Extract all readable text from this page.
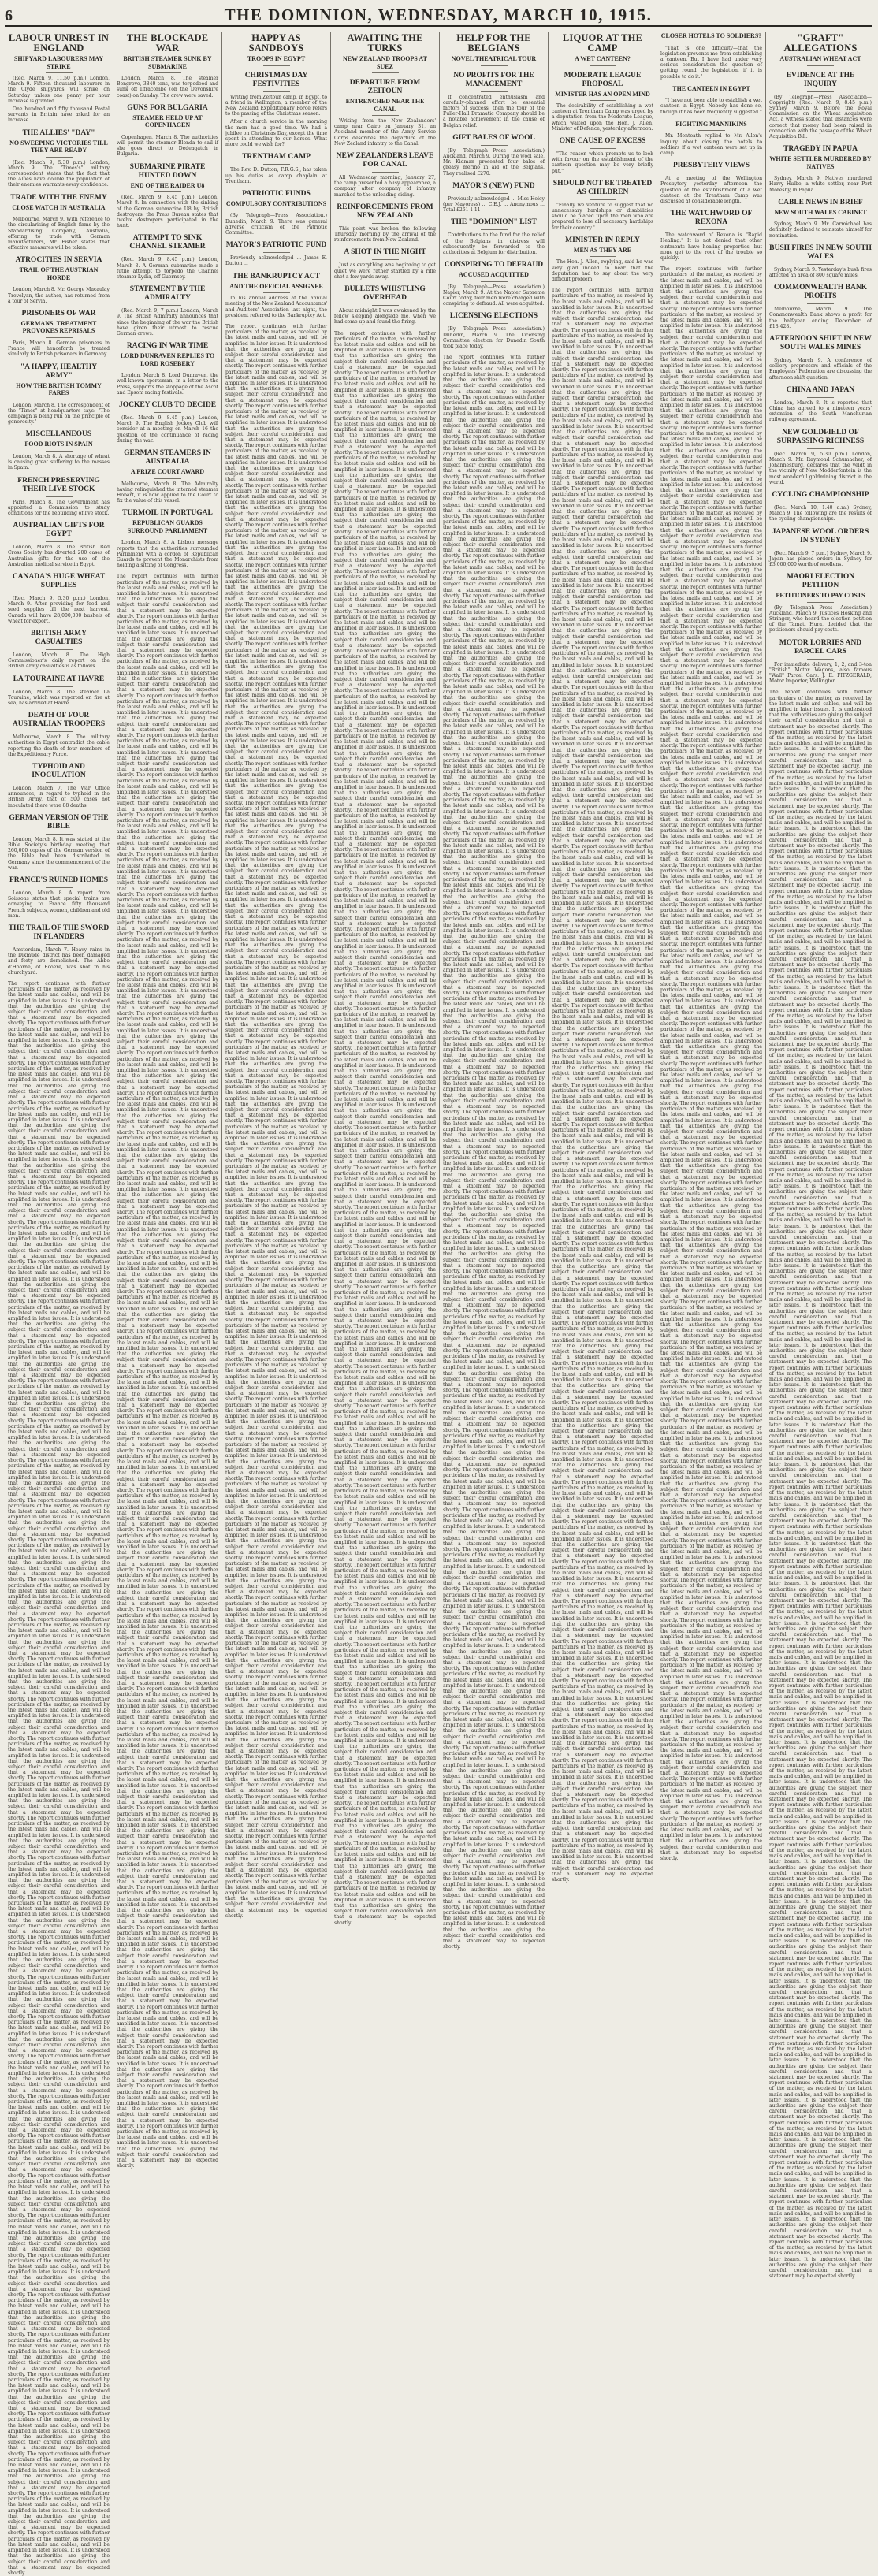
6	THE DOMINION, WEDNESDAY, MARCH 10, 1915.
LABOUR UNREST IN ENGLAND
SHIPYARD LABOURERS MAY STRIKE

(Rec. March 9, 11.50 p.m.) London, March 9. Fifteen thousand labourers in the Clyde shipyards will strike on Saturday unless one penny per hour increase is granted.

One hundred and fifty thousand Postal servants in Britain have asked for an increase.

THE ALLIES' "DAY"
NO SWEEPING VICTORIES TILL THEY ARE READY

(Rec. March 9, 5.30 p.m.) London, March 9. The "Times's" military correspondent states that the fact that the Allies have double the population of their enemies warrants every confidence.

TRADE WITH THE ENEMY
CLOSE WATCH IN AUSTRALIA

Melbourne, March 9. With reference to the circularising of English firms by the Standardising Company, Australia, offering to trade with German manufacturers, Mr. Fisher states that effective measures will be taken.

ATROCITIES IN SERVIA
TRAIL OF THE AUSTRIAN HORDE

London, March 8. Mr. George Macaulay Trevelyan, the author, has returned from a tour of Servia.

PRISONERS OF WAR
GERMANS' TREATMENT PROVOKES REPRISALS

Paris, March 8. German prisoners in France will henceforth be treated similarly to British prisoners in Germany.

"A HAPPY, HEALTHY ARMY"
HOW THE BRITISH TOMMY FARES

London, March 8. The correspondent of the "Times" at headquarters says: "The campaign is being run on the principle of generosity."

MISCELLANEOUS
FOOD RIOTS IN SPAIN

London, March 8. A shortage of wheat is causing great suffering to the masses in Spain.

FRENCH PRESERVING THEIR LIVE STOCK

Paris, March 8. The Government has appointed a Commission to study conditions for the rebuilding of live stock.

AUSTRALIAN GIFTS FOR EGYPT

London, March 8. The British Red Cross Society has diverted 200 cases of Australian gifts for the use of the Australian medical service in Egypt.

CANADA'S HUGE WHEAT SUPPLIES

(Rec. March 9, 5.30 p.m.) London, March 9. After providing for food and seed supplies till the next harvest, Canada will have 28,000,000 bushels of wheat for export.

BRITISH ARMY CASUALTIES

London, March 8. The High Commissioner's daily report on the British Army casualties is as follows.

LA TOURAINE AT HAVRE

London, March 8. The steamer La Touraine, which was reported on fire at sea, has arrived at Havre.

DEATH OF FOUR AUSTRALIAN TROOPERS

Melbourne, March 8. The military authorities in Egypt contradict the cable reporting the death of four members of the Expeditionary Force.

TYPHOID AND INOCULATION

London, March 7. The War Office announces, in regard to typhoid in the British Army, that of 500 cases not inoculated there were 88 deaths.

GERMAN VERSION OF THE BIBLE

London, March 8. It was stated at the Bible Society's birthday meeting that 260,000 copies of the German version of the Bible had been distributed in Germany since the commencement of the war.

FRANCE'S RUINED HOMES

London, March 8. A report from Soissons states that special trains are conveying to France fifty thousand French subjects, women, children and old men.

THE TRAIL OF THE SWORD IN FLANDERS

Amsterdam, March 7. Heavy rains in the Dixmude district has been damaged and forty are demolished. The Abbe d'Hoorne, of Ecoere, was shot in his churchyard.

The report continues with further particulars of the matter, as received by the latest mails and cables, and will be amplified in later issues. It is understood that the authorities are giving the subject their careful consideration and that a statement may be expected shortly. The report continues with further particulars of the matter, as received by the latest mails and cables, and will be amplified in later issues. It is understood that the authorities are giving the subject their careful consideration and that a statement may be expected shortly. The report continues with further particulars of the matter, as received by the latest mails and cables, and will be amplified in later issues. It is understood that the authorities are giving the subject their careful consideration and that a statement may be expected shortly. The report continues with further particulars of the matter, as received by the latest mails and cables, and will be amplified in later issues. It is understood that the authorities are giving the subject their careful consideration and that a statement may be expected shortly. The report continues with further particulars of the matter, as received by the latest mails and cables, and will be amplified in later issues. It is understood that the authorities are giving the subject their careful consideration and that a statement may be expected shortly. The report continues with further particulars of the matter, as received by the latest mails and cables, and will be amplified in later issues. It is understood that the authorities are giving the subject their careful consideration and that a statement may be expected shortly. The report continues with further particulars of the matter, as received by the latest mails and cables, and will be amplified in later issues. It is understood that the authorities are giving the subject their careful consideration and that a statement may be expected shortly. The report continues with further particulars of the matter, as received by the latest mails and cables, and will be amplified in later issues. It is understood that the authorities are giving the subject their careful consideration and that a statement may be expected shortly. The report continues with further particulars of the matter, as received by the latest mails and cables, and will be amplified in later issues. It is understood that the authorities are giving the subject their careful consideration and that a statement may be expected shortly. The report continues with further particulars of the matter, as received by the latest mails and cables, and will be amplified in later issues. It is understood that the authorities are giving the subject their careful consideration and that a statement may be expected shortly. The report continues with further particulars of the matter, as received by the latest mails and cables, and will be amplified in later issues. It is understood that the authorities are giving the subject their careful consideration and that a statement may be expected shortly. The report continues with further particulars of the matter, as received by the latest mails and cables, and will be amplified in later issues. It is understood that the authorities are giving the subject their careful consideration and that a statement may be expected shortly. The report continues with further particulars of the matter, as received by the latest mails and cables, and will be amplified in later issues. It is understood that the authorities are giving the subject their careful consideration and that a statement may be expected shortly. The report continues with further particulars of the matter, as received by the latest mails and cables, and will be amplified in later issues. It is understood that the authorities are giving the subject their careful consideration and that a statement may be expected shortly. The report continues with further particulars of the matter, as received by the latest mails and cables, and will be amplified in later issues. It is understood that the authorities are giving the subject their careful consideration and that a statement may be expected shortly. The report continues with further particulars of the matter, as received by the latest mails and cables, and will be amplified in later issues. It is understood that the authorities are giving the subject their careful consideration and that a statement may be expected shortly. The report continues with further particulars of the matter, as received by the latest mails and cables, and will be amplified in later issues. It is understood that the authorities are giving the subject their careful consideration and that a statement may be expected shortly. The report continues with further particulars of the matter, as received by the latest mails and cables, and will be amplified in later issues. It is understood that the authorities are giving the subject their careful consideration and that a statement may be expected shortly. The report continues with further particulars of the matter, as received by the latest mails and cables, and will be amplified in later issues. It is understood that the authorities are giving the subject their careful consideration and that a statement may be expected shortly. The report continues with further particulars of the matter, as received by the latest mails and cables, and will be amplified in later issues. It is understood that the authorities are giving the subject their careful consideration and that a statement may be expected shortly. The report continues with further particulars of the matter, as received by the latest mails and cables, and will be amplified in later issues. It is understood that the authorities are giving the subject their careful consideration and that a statement may be expected shortly. The report continues with further particulars of the matter, as received by the latest mails and cables, and will be amplified in later issues. It is understood that the authorities are giving the subject their careful consideration and that a statement may be expected shortly. The report continues with further particulars of the matter, as received by the latest mails and cables, and will be amplified in later issues. It is understood that the authorities are giving the subject their careful consideration and that a statement may be expected shortly. The report continues with further particulars of the matter, as received by the latest mails and cables, and will be amplified in later issues. It is understood that the authorities are giving the subject their careful consideration and that a statement may be expected shortly. The report continues with further particulars of the matter, as received by the latest mails and cables, and will be amplified in later issues. It is understood that the authorities are giving the subject their careful consideration and that a statement may be expected shortly. The report continues with further particulars of the matter, as received by the latest mails and cables, and will be amplified in later issues. It is understood that the authorities are giving the subject their careful consideration and that a statement may be expected shortly. The report continues with further particulars of the matter, as received by the latest mails and cables, and will be amplified in later issues. It is understood that the authorities are giving the subject their careful consideration and that a statement may be expected shortly. The report continues with further particulars of the matter, as received by the latest mails and cables, and will be amplified in later issues. It is understood that the authorities are giving the subject their careful consideration and that a statement may be expected shortly. The report continues with further particulars of the matter, as received by the latest mails and cables, and will be amplified in later issues. It is understood that the authorities are giving the subject their careful consideration and that a statement may be expected shortly. The report continues with further particulars of the matter, as received by the latest mails and cables, and will be amplified in later issues. It is understood that the authorities are giving the subject their careful consideration and that a statement may be expected shortly. The report continues with further particulars of the matter, as received by the latest mails and cables, and will be amplified in later issues. It is understood that the authorities are giving the subject their careful consideration and that a statement may be expected shortly. The report continues with further particulars of the matter, as received by the latest mails and cables, and will be amplified in later issues. It is understood that the authorities are giving the subject their careful consideration and that a statement may be expected shortly. The report continues with further particulars of the matter, as received by the latest mails and cables, and will be amplified in later issues. It is understood that the authorities are giving the subject their careful consideration and that a statement may be expected shortly. The report continues with further particulars of the matter, as received by the latest mails and cables, and will be amplified in later issues. It is understood that the authorities are giving the subject their careful consideration and that a statement may be expected shortly. The report continues with further particulars of the matter, as received by the latest mails and cables, and will be amplified in later issues. It is understood that the authorities are giving the subject their careful consideration and that a statement may be expected shortly. The report continues with further particulars of the matter, as received by the latest mails and cables, and will be amplified in later issues. It is understood that the authorities are giving the subject their careful consideration and that a statement may be expected shortly. The report continues with further particulars of the matter, as received by the latest mails and cables, and will be amplified in later issues. It is understood that the authorities are giving the subject their careful consideration and that a statement may be expected shortly. The report continues with further particulars of the matter, as received by the latest mails and cables, and will be amplified in later issues. It is understood that the authorities are giving the subject their careful consideration and that a statement may be expected shortly. The report continues with further particulars of the matter, as received by the latest mails and cables, and will be amplified in later issues. It is understood that the authorities are giving the subject their careful consideration and that a statement may be expected shortly. The report continues with further particulars of the matter, as received by the latest mails and cables, and will be amplified in later issues. It is understood that the authorities are giving the subject their careful consideration and that a statement may be expected shortly.
THE BLOCKADE WAR
BRITISH STEAMER SUNK BY SUBMARINE

London, March 8. The steamer Bengrove, 3840 tons, was torpedoed and sunk off Ilfracombe (on the Devonshire coast) on Sunday. The crew were saved.

GUNS FOR BULGARIA
STEAMER HELD UP AT COPENHAGEN

Copenhagen, March 8. The authorities will permit the steamer Blenda to sail if she goes direct to Dedeagatch in Bulgaria.

SUBMARINE PIRATE HUNTED DOWN
END OF THE RAIDER U8

(Rec. March 9, 8.45 p.m.) London, March 8. In connection with the sinking of the German submarine U8 by British destroyers, the Press Bureau states that twelve destroyers participated in the hunt.

ATTEMPT TO SINK CHANNEL STEAMER

(Rec. March 9, 8.45 p.m.) London, March 8. A German submarine made a futile attempt to torpedo the Channel steamer Lydia, off Guernsey.

STATEMENT BY THE ADMIRALTY

(Rec. March 9, 7 p.m.) London, March 9. The British Admiralty announces that since the beginning of the war the British have given their utmost to rescue German crews.

RACING IN WAR TIME
LORD DUNRAVEN REPLIES TO LORD ROSEBERY

London, March 8. Lord Dunraven, the well-known sportsman, in a letter to the Press, supports the stoppage of the Ascot and Epsom racing festivals.

JOCKEY CLUB TO DECIDE

(Rec. March 9, 8.45 p.m.) London, March 9. The English Jockey Club will consider at a meeting on March 16 the question of the continuance of racing during the war.

GERMAN STEAMERS IN AUSTRALIA
A PRIZE COURT AWARD

Melbourne, March 8. The Admiralty having relinquished the interned steamer Hobart, it is now applied to the Court to fix the value of this vessel.

TURMOIL IN PORTUGAL
REPUBLICAN GUARDS SURROUND PARLIAMENT

London, March 8. A Lisbon message reports that the authorities surrounded Parliament with a cordon of Republican Guards to prevent the Monarchists from holding a sitting of Congress.

The report continues with further particulars of the matter, as received by the latest mails and cables, and will be amplified in later issues. It is understood that the authorities are giving the subject their careful consideration and that a statement may be expected shortly. The report continues with further particulars of the matter, as received by the latest mails and cables, and will be amplified in later issues. It is understood that the authorities are giving the subject their careful consideration and that a statement may be expected shortly. The report continues with further particulars of the matter, as received by the latest mails and cables, and will be amplified in later issues. It is understood that the authorities are giving the subject their careful consideration and that a statement may be expected shortly. The report continues with further particulars of the matter, as received by the latest mails and cables, and will be amplified in later issues. It is understood that the authorities are giving the subject their careful consideration and that a statement may be expected shortly. The report continues with further particulars of the matter, as received by the latest mails and cables, and will be amplified in later issues. It is understood that the authorities are giving the subject their careful consideration and that a statement may be expected shortly. The report continues with further particulars of the matter, as received by the latest mails and cables, and will be amplified in later issues. It is understood that the authorities are giving the subject their careful consideration and that a statement may be expected shortly. The report continues with further particulars of the matter, as received by the latest mails and cables, and will be amplified in later issues. It is understood that the authorities are giving the subject their careful consideration and that a statement may be expected shortly. The report continues with further particulars of the matter, as received by the latest mails and cables, and will be amplified in later issues. It is understood that the authorities are giving the subject their careful consideration and that a statement may be expected shortly. The report continues with further particulars of the matter, as received by the latest mails and cables, and will be amplified in later issues. It is understood that the authorities are giving the subject their careful consideration and that a statement may be expected shortly. The report continues with further particulars of the matter, as received by the latest mails and cables, and will be amplified in later issues. It is understood that the authorities are giving the subject their careful consideration and that a statement may be expected shortly. The report continues with further particulars of the matter, as received by the latest mails and cables, and will be amplified in later issues. It is understood that the authorities are giving the subject their careful consideration and that a statement may be expected shortly. The report continues with further particulars of the matter, as received by the latest mails and cables, and will be amplified in later issues. It is understood that the authorities are giving the subject their careful consideration and that a statement may be expected shortly. The report continues with further particulars of the matter, as received by the latest mails and cables, and will be amplified in later issues. It is understood that the authorities are giving the subject their careful consideration and that a statement may be expected shortly. The report continues with further particulars of the matter, as received by the latest mails and cables, and will be amplified in later issues. It is understood that the authorities are giving the subject their careful consideration and that a statement may be expected shortly. The report continues with further particulars of the matter, as received by the latest mails and cables, and will be amplified in later issues. It is understood that the authorities are giving the subject their careful consideration and that a statement may be expected shortly. The report continues with further particulars of the matter, as received by the latest mails and cables, and will be amplified in later issues. It is understood that the authorities are giving the subject their careful consideration and that a statement may be expected shortly. The report continues with further particulars of the matter, as received by the latest mails and cables, and will be amplified in later issues. It is understood that the authorities are giving the subject their careful consideration and that a statement may be expected shortly. The report continues with further particulars of the matter, as received by the latest mails and cables, and will be amplified in later issues. It is understood that the authorities are giving the subject their careful consideration and that a statement may be expected shortly. The report continues with further particulars of the matter, as received by the latest mails and cables, and will be amplified in later issues. It is understood that the authorities are giving the subject their careful consideration and that a statement may be expected shortly. The report continues with further particulars of the matter, as received by the latest mails and cables, and will be amplified in later issues. It is understood that the authorities are giving the subject their careful consideration and that a statement may be expected shortly. The report continues with further particulars of the matter, as received by the latest mails and cables, and will be amplified in later issues. It is understood that the authorities are giving the subject their careful consideration and that a statement may be expected shortly. The report continues with further particulars of the matter, as received by the latest mails and cables, and will be amplified in later issues. It is understood that the authorities are giving the subject their careful consideration and that a statement may be expected shortly. The report continues with further particulars of the matter, as received by the latest mails and cables, and will be amplified in later issues. It is understood that the authorities are giving the subject their careful consideration and that a statement may be expected shortly. The report continues with further particulars of the matter, as received by the latest mails and cables, and will be amplified in later issues. It is understood that the authorities are giving the subject their careful consideration and that a statement may be expected shortly. The report continues with further particulars of the matter, as received by the latest mails and cables, and will be amplified in later issues. It is understood that the authorities are giving the subject their careful consideration and that a statement may be expected shortly. The report continues with further particulars of the matter, as received by the latest mails and cables, and will be amplified in later issues. It is understood that the authorities are giving the subject their careful consideration and that a statement may be expected shortly. The report continues with further particulars of the matter, as received by the latest mails and cables, and will be amplified in later issues. It is understood that the authorities are giving the subject their careful consideration and that a statement may be expected shortly. The report continues with further particulars of the matter, as received by the latest mails and cables, and will be amplified in later issues. It is understood that the authorities are giving the subject their careful consideration and that a statement may be expected shortly. The report continues with further particulars of the matter, as received by the latest mails and cables, and will be amplified in later issues. It is understood that the authorities are giving the subject their careful consideration and that a statement may be expected shortly. The report continues with further particulars of the matter, as received by the latest mails and cables, and will be amplified in later issues. It is understood that the authorities are giving the subject their careful consideration and that a statement may be expected shortly. The report continues with further particulars of the matter, as received by the latest mails and cables, and will be amplified in later issues. It is understood that the authorities are giving the subject their careful consideration and that a statement may be expected shortly. The report continues with further particulars of the matter, as received by the latest mails and cables, and will be amplified in later issues. It is understood that the authorities are giving the subject their careful consideration and that a statement may be expected shortly. The report continues with further particulars of the matter, as received by the latest mails and cables, and will be amplified in later issues. It is understood that the authorities are giving the subject their careful consideration and that a statement may be expected shortly. The report continues with further particulars of the matter, as received by the latest mails and cables, and will be amplified in later issues. It is understood that the authorities are giving the subject their careful consideration and that a statement may be expected shortly. The report continues with further particulars of the matter, as received by the latest mails and cables, and will be amplified in later issues. It is understood that the authorities are giving the subject their careful consideration and that a statement may be expected shortly. The report continues with further particulars of the matter, as received by the latest mails and cables, and will be amplified in later issues. It is understood that the authorities are giving the subject their careful consideration and that a statement may be expected shortly. The report continues with further particulars of the matter, as received by the latest mails and cables, and will be amplified in later issues. It is understood that the authorities are giving the subject their careful consideration and that a statement may be expected shortly. The report continues with further particulars of the matter, as received by the latest mails and cables, and will be amplified in later issues. It is understood that the authorities are giving the subject their careful consideration and that a statement may be expected shortly. The report continues with further particulars of the matter, as received by the latest mails and cables, and will be amplified in later issues. It is understood that the authorities are giving the subject their careful consideration and that a statement may be expected shortly. The report continues with further particulars of the matter, as received by the latest mails and cables, and will be amplified in later issues. It is understood that the authorities are giving the subject their careful consideration and that a statement may be expected shortly.
HAPPY AS SANDBOYS
TROOPS IN EGYPT
CHRISTMAS DAY FESTIVITIES

Writing from Zeitoun camp, in Egypt, to a friend in Wellington, a member of the New Zealand Expeditionary Force refers to the passing of the Christmas season.

After a church service in the morning the men had a good time. We had a jubilee on Christmas Day, except the time spent in attending to our horses. What more could we wish for?

TRENTHAM CAMP

The Rev. D. Dutton, F.R.G.S., has taken up his duties as camp chaplain at Trentham.

PATRIOTIC FUNDS
COMPULSORY CONTRIBUTIONS

(By Telegraph—Press Association.) Dunedin, March 9. There was general adverse criticism of the Patriotic Committee.

MAYOR'S PATRIOTIC FUND

Previously acknowledged ... James E. Dutton ...

THE BANKRUPTCY ACT
AND THE OFFICIAL ASSIGNEE

In his annual address at the annual meeting of the New Zealand Accountants' and Auditors' Association last night, the president referred to the Bankruptcy Act.

The report continues with further particulars of the matter, as received by the latest mails and cables, and will be amplified in later issues. It is understood that the authorities are giving the subject their careful consideration and that a statement may be expected shortly. The report continues with further particulars of the matter, as received by the latest mails and cables, and will be amplified in later issues. It is understood that the authorities are giving the subject their careful consideration and that a statement may be expected shortly. The report continues with further particulars of the matter, as received by the latest mails and cables, and will be amplified in later issues. It is understood that the authorities are giving the subject their careful consideration and that a statement may be expected shortly. The report continues with further particulars of the matter, as received by the latest mails and cables, and will be amplified in later issues. It is understood that the authorities are giving the subject their careful consideration and that a statement may be expected shortly. The report continues with further particulars of the matter, as received by the latest mails and cables, and will be amplified in later issues. It is understood that the authorities are giving the subject their careful consideration and that a statement may be expected shortly. The report continues with further particulars of the matter, as received by the latest mails and cables, and will be amplified in later issues. It is understood that the authorities are giving the subject their careful consideration and that a statement may be expected shortly. The report continues with further particulars of the matter, as received by the latest mails and cables, and will be amplified in later issues. It is understood that the authorities are giving the subject their careful consideration and that a statement may be expected shortly. The report continues with further particulars of the matter, as received by the latest mails and cables, and will be amplified in later issues. It is understood that the authorities are giving the subject their careful consideration and that a statement may be expected shortly. The report continues with further particulars of the matter, as received by the latest mails and cables, and will be amplified in later issues. It is understood that the authorities are giving the subject their careful consideration and that a statement may be expected shortly. The report continues with further particulars of the matter, as received by the latest mails and cables, and will be amplified in later issues. It is understood that the authorities are giving the subject their careful consideration and that a statement may be expected shortly. The report continues with further particulars of the matter, as received by the latest mails and cables, and will be amplified in later issues. It is understood that the authorities are giving the subject their careful consideration and that a statement may be expected shortly. The report continues with further particulars of the matter, as received by the latest mails and cables, and will be amplified in later issues. It is understood that the authorities are giving the subject their careful consideration and that a statement may be expected shortly. The report continues with further particulars of the matter, as received by the latest mails and cables, and will be amplified in later issues. It is understood that the authorities are giving the subject their careful consideration and that a statement may be expected shortly. The report continues with further particulars of the matter, as received by the latest mails and cables, and will be amplified in later issues. It is understood that the authorities are giving the subject their careful consideration and that a statement may be expected shortly. The report continues with further particulars of the matter, as received by the latest mails and cables, and will be amplified in later issues. It is understood that the authorities are giving the subject their careful consideration and that a statement may be expected shortly. The report continues with further particulars of the matter, as received by the latest mails and cables, and will be amplified in later issues. It is understood that the authorities are giving the subject their careful consideration and that a statement may be expected shortly. The report continues with further particulars of the matter, as received by the latest mails and cables, and will be amplified in later issues. It is understood that the authorities are giving the subject their careful consideration and that a statement may be expected shortly. The report continues with further particulars of the matter, as received by the latest mails and cables, and will be amplified in later issues. It is understood that the authorities are giving the subject their careful consideration and that a statement may be expected shortly. The report continues with further particulars of the matter, as received by the latest mails and cables, and will be amplified in later issues. It is understood that the authorities are giving the subject their careful consideration and that a statement may be expected shortly. The report continues with further particulars of the matter, as received by the latest mails and cables, and will be amplified in later issues. It is understood that the authorities are giving the subject their careful consideration and that a statement may be expected shortly. The report continues with further particulars of the matter, as received by the latest mails and cables, and will be amplified in later issues. It is understood that the authorities are giving the subject their careful consideration and that a statement may be expected shortly. The report continues with further particulars of the matter, as received by the latest mails and cables, and will be amplified in later issues. It is understood that the authorities are giving the subject their careful consideration and that a statement may be expected shortly. The report continues with further particulars of the matter, as received by the latest mails and cables, and will be amplified in later issues. It is understood that the authorities are giving the subject their careful consideration and that a statement may be expected shortly. The report continues with further particulars of the matter, as received by the latest mails and cables, and will be amplified in later issues. It is understood that the authorities are giving the subject their careful consideration and that a statement may be expected shortly. The report continues with further particulars of the matter, as received by the latest mails and cables, and will be amplified in later issues. It is understood that the authorities are giving the subject their careful consideration and that a statement may be expected shortly. The report continues with further particulars of the matter, as received by the latest mails and cables, and will be amplified in later issues. It is understood that the authorities are giving the subject their careful consideration and that a statement may be expected shortly. The report continues with further particulars of the matter, as received by the latest mails and cables, and will be amplified in later issues. It is understood that the authorities are giving the subject their careful consideration and that a statement may be expected shortly. The report continues with further particulars of the matter, as received by the latest mails and cables, and will be amplified in later issues. It is understood that the authorities are giving the subject their careful consideration and that a statement may be expected shortly. The report continues with further particulars of the matter, as received by the latest mails and cables, and will be amplified in later issues. It is understood that the authorities are giving the subject their careful consideration and that a statement may be expected shortly. The report continues with further particulars of the matter, as received by the latest mails and cables, and will be amplified in later issues. It is understood that the authorities are giving the subject their careful consideration and that a statement may be expected shortly. The report continues with further particulars of the matter, as received by the latest mails and cables, and will be amplified in later issues. It is understood that the authorities are giving the subject their careful consideration and that a statement may be expected shortly. The report continues with further particulars of the matter, as received by the latest mails and cables, and will be amplified in later issues. It is understood that the authorities are giving the subject their careful consideration and that a statement may be expected shortly. The report continues with further particulars of the matter, as received by the latest mails and cables, and will be amplified in later issues. It is understood that the authorities are giving the subject their careful consideration and that a statement may be expected shortly. The report continues with further particulars of the matter, as received by the latest mails and cables, and will be amplified in later issues. It is understood that the authorities are giving the subject their careful consideration and that a statement may be expected shortly. The report continues with further particulars of the matter, as received by the latest mails and cables, and will be amplified in later issues. It is understood that the authorities are giving the subject their careful consideration and that a statement may be expected shortly. The report continues with further particulars of the matter, as received by the latest mails and cables, and will be amplified in later issues. It is understood that the authorities are giving the subject their careful consideration and that a statement may be expected shortly. The report continues with further particulars of the matter, as received by the latest mails and cables, and will be amplified in later issues. It is understood that the authorities are giving the subject their careful consideration and that a statement may be expected shortly. The report continues with further particulars of the matter, as received by the latest mails and cables, and will be amplified in later issues. It is understood that the authorities are giving the subject their careful consideration and that a statement may be expected shortly. The report continues with further particulars of the matter, as received by the latest mails and cables, and will be amplified in later issues. It is understood that the authorities are giving the subject their careful consideration and that a statement may be expected shortly. The report continues with further particulars of the matter, as received by the latest mails and cables, and will be amplified in later issues. It is understood that the authorities are giving the subject their careful consideration and that a statement may be expected shortly.
AWAITING THE TURKS
NEW ZEALAND TROOPS AT SUEZ
DEPARTURE FROM ZEITOUN
ENTRENCHED NEAR THE CANAL

Writing from the New Zealanders' camp near Cairo on January 31, an Auckland member of the Army Service Corps describes the departure of the New Zealand infantry to the Canal.

NEW ZEALANDERS LEAVE FOR CANAL

All Wednesday morning, January 27, the camp presented a busy appearance, a company after company of infantry marched to the unloading siding.

REINFORCEMENTS FROM NEW ZEALAND

This point was broken the following Thursday morning by the arrival of the reinforcements from New Zealand.

A SHOT IN THE NIGHT

Just as everything was beginning to get quiet we were rather startled by a rifle shot a few yards away.

BULLETS WHISTLING OVERHEAD

About midnight I was awakened by the fellow sleeping alongside me, when we had come up and found the firing.

The report continues with further particulars of the matter, as received by the latest mails and cables, and will be amplified in later issues. It is understood that the authorities are giving the subject their careful consideration and that a statement may be expected shortly. The report continues with further particulars of the matter, as received by the latest mails and cables, and will be amplified in later issues. It is understood that the authorities are giving the subject their careful consideration and that a statement may be expected shortly. The report continues with further particulars of the matter, as received by the latest mails and cables, and will be amplified in later issues. It is understood that the authorities are giving the subject their careful consideration and that a statement may be expected shortly. The report continues with further particulars of the matter, as received by the latest mails and cables, and will be amplified in later issues. It is understood that the authorities are giving the subject their careful consideration and that a statement may be expected shortly. The report continues with further particulars of the matter, as received by the latest mails and cables, and will be amplified in later issues. It is understood that the authorities are giving the subject their careful consideration and that a statement may be expected shortly. The report continues with further particulars of the matter, as received by the latest mails and cables, and will be amplified in later issues. It is understood that the authorities are giving the subject their careful consideration and that a statement may be expected shortly. The report continues with further particulars of the matter, as received by the latest mails and cables, and will be amplified in later issues. It is understood that the authorities are giving the subject their careful consideration and that a statement may be expected shortly. The report continues with further particulars of the matter, as received by the latest mails and cables, and will be amplified in later issues. It is understood that the authorities are giving the subject their careful consideration and that a statement may be expected shortly. The report continues with further particulars of the matter, as received by the latest mails and cables, and will be amplified in later issues. It is understood that the authorities are giving the subject their careful consideration and that a statement may be expected shortly. The report continues with further particulars of the matter, as received by the latest mails and cables, and will be amplified in later issues. It is understood that the authorities are giving the subject their careful consideration and that a statement may be expected shortly. The report continues with further particulars of the matter, as received by the latest mails and cables, and will be amplified in later issues. It is understood that the authorities are giving the subject their careful consideration and that a statement may be expected shortly. The report continues with further particulars of the matter, as received by the latest mails and cables, and will be amplified in later issues. It is understood that the authorities are giving the subject their careful consideration and that a statement may be expected shortly. The report continues with further particulars of the matter, as received by the latest mails and cables, and will be amplified in later issues. It is understood that the authorities are giving the subject their careful consideration and that a statement may be expected shortly. The report continues with further particulars of the matter, as received by the latest mails and cables, and will be amplified in later issues. It is understood that the authorities are giving the subject their careful consideration and that a statement may be expected shortly. The report continues with further particulars of the matter, as received by the latest mails and cables, and will be amplified in later issues. It is understood that the authorities are giving the subject their careful consideration and that a statement may be expected shortly. The report continues with further particulars of the matter, as received by the latest mails and cables, and will be amplified in later issues. It is understood that the authorities are giving the subject their careful consideration and that a statement may be expected shortly. The report continues with further particulars of the matter, as received by the latest mails and cables, and will be amplified in later issues. It is understood that the authorities are giving the subject their careful consideration and that a statement may be expected shortly. The report continues with further particulars of the matter, as received by the latest mails and cables, and will be amplified in later issues. It is understood that the authorities are giving the subject their careful consideration and that a statement may be expected shortly. The report continues with further particulars of the matter, as received by the latest mails and cables, and will be amplified in later issues. It is understood that the authorities are giving the subject their careful consideration and that a statement may be expected shortly. The report continues with further particulars of the matter, as received by the latest mails and cables, and will be amplified in later issues. It is understood that the authorities are giving the subject their careful consideration and that a statement may be expected shortly. The report continues with further particulars of the matter, as received by the latest mails and cables, and will be amplified in later issues. It is understood that the authorities are giving the subject their careful consideration and that a statement may be expected shortly. The report continues with further particulars of the matter, as received by the latest mails and cables, and will be amplified in later issues. It is understood that the authorities are giving the subject their careful consideration and that a statement may be expected shortly. The report continues with further particulars of the matter, as received by the latest mails and cables, and will be amplified in later issues. It is understood that the authorities are giving the subject their careful consideration and that a statement may be expected shortly. The report continues with further particulars of the matter, as received by the latest mails and cables, and will be amplified in later issues. It is understood that the authorities are giving the subject their careful consideration and that a statement may be expected shortly. The report continues with further particulars of the matter, as received by the latest mails and cables, and will be amplified in later issues. It is understood that the authorities are giving the subject their careful consideration and that a statement may be expected shortly. The report continues with further particulars of the matter, as received by the latest mails and cables, and will be amplified in later issues. It is understood that the authorities are giving the subject their careful consideration and that a statement may be expected shortly. The report continues with further particulars of the matter, as received by the latest mails and cables, and will be amplified in later issues. It is understood that the authorities are giving the subject their careful consideration and that a statement may be expected shortly. The report continues with further particulars of the matter, as received by the latest mails and cables, and will be amplified in later issues. It is understood that the authorities are giving the subject their careful consideration and that a statement may be expected shortly. The report continues with further particulars of the matter, as received by the latest mails and cables, and will be amplified in later issues. It is understood that the authorities are giving the subject their careful consideration and that a statement may be expected shortly. The report continues with further particulars of the matter, as received by the latest mails and cables, and will be amplified in later issues. It is understood that the authorities are giving the subject their careful consideration and that a statement may be expected shortly. The report continues with further particulars of the matter, as received by the latest mails and cables, and will be amplified in later issues. It is understood that the authorities are giving the subject their careful consideration and that a statement may be expected shortly. The report continues with further particulars of the matter, as received by the latest mails and cables, and will be amplified in later issues. It is understood that the authorities are giving the subject their careful consideration and that a statement may be expected shortly. The report continues with further particulars of the matter, as received by the latest mails and cables, and will be amplified in later issues. It is understood that the authorities are giving the subject their careful consideration and that a statement may be expected shortly. The report continues with further particulars of the matter, as received by the latest mails and cables, and will be amplified in later issues. It is understood that the authorities are giving the subject their careful consideration and that a statement may be expected shortly. The report continues with further particulars of the matter, as received by the latest mails and cables, and will be amplified in later issues. It is understood that the authorities are giving the subject their careful consideration and that a statement may be expected shortly. The report continues with further particulars of the matter, as received by the latest mails and cables, and will be amplified in later issues. It is understood that the authorities are giving the subject their careful consideration and that a statement may be expected shortly. The report continues with further particulars of the matter, as received by the latest mails and cables, and will be amplified in later issues. It is understood that the authorities are giving the subject their careful consideration and that a statement may be expected shortly. The report continues with further particulars of the matter, as received by the latest mails and cables, and will be amplified in later issues. It is understood that the authorities are giving the subject their careful consideration and that a statement may be expected shortly. The report continues with further particulars of the matter, as received by the latest mails and cables, and will be amplified in later issues. It is understood that the authorities are giving the subject their careful consideration and that a statement may be expected shortly. The report continues with further particulars of the matter, as received by the latest mails and cables, and will be amplified in later issues. It is understood that the authorities are giving the subject their careful consideration and that a statement may be expected shortly.
HELP FOR THE BELGIANS
NOVEL THEATRICAL TOUR
NO PROFITS FOR THE MANAGEMENT

If concentrated enthusiasm and carefully-planned effort be essential factors of success, then the tour of the Fuller-Hall Dramatic Company should be a notable achievement in the cause of Belgian relief.

GIFT BALES OF WOOL

(By Telegraph—Press Association.) Auckland, March 9. During the wool sale, Mr. Kidman presented four bales of greasy merino in aid of the Belgians. They realised £270.

MAYOR'S (NEW) FUND

Previously acknowledged ... Miss Heley (per Mayoress) ... C.E.J. ... Anonymous ... Total £261 1 11

THE "DOMINION" LIST

Contributions to the fund for the relief of the Belgians in distress will subsequently be forwarded to the authorities at Belgium for distribution.

CONSPIRING TO DEFRAUD
ACCUSED ACQUITTED

(By Telegraph—Press Association.) Napier, March 9. At the Napier Supreme Court today, four men were charged with conspiring to defraud. All were acquitted.

LICENSING ELECTIONS

(By Telegraph—Press Association.) Dunedin, March 9. The Licensing Committee election for Dunedin South took place today.

The report continues with further particulars of the matter, as received by the latest mails and cables, and will be amplified in later issues. It is understood that the authorities are giving the subject their careful consideration and that a statement may be expected shortly. The report continues with further particulars of the matter, as received by the latest mails and cables, and will be amplified in later issues. It is understood that the authorities are giving the subject their careful consideration and that a statement may be expected shortly. The report continues with further particulars of the matter, as received by the latest mails and cables, and will be amplified in later issues. It is understood that the authorities are giving the subject their careful consideration and that a statement may be expected shortly. The report continues with further particulars of the matter, as received by the latest mails and cables, and will be amplified in later issues. It is understood that the authorities are giving the subject their careful consideration and that a statement may be expected shortly. The report continues with further particulars of the matter, as received by the latest mails and cables, and will be amplified in later issues. It is understood that the authorities are giving the subject their careful consideration and that a statement may be expected shortly. The report continues with further particulars of the matter, as received by the latest mails and cables, and will be amplified in later issues. It is understood that the authorities are giving the subject their careful consideration and that a statement may be expected shortly. The report continues with further particulars of the matter, as received by the latest mails and cables, and will be amplified in later issues. It is understood that the authorities are giving the subject their careful consideration and that a statement may be expected shortly. The report continues with further particulars of the matter, as received by the latest mails and cables, and will be amplified in later issues. It is understood that the authorities are giving the subject their careful consideration and that a statement may be expected shortly. The report continues with further particulars of the matter, as received by the latest mails and cables, and will be amplified in later issues. It is understood that the authorities are giving the subject their careful consideration and that a statement may be expected shortly. The report continues with further particulars of the matter, as received by the latest mails and cables, and will be amplified in later issues. It is understood that the authorities are giving the subject their careful consideration and that a statement may be expected shortly. The report continues with further particulars of the matter, as received by the latest mails and cables, and will be amplified in later issues. It is understood that the authorities are giving the subject their careful consideration and that a statement may be expected shortly. The report continues with further particulars of the matter, as received by the latest mails and cables, and will be amplified in later issues. It is understood that the authorities are giving the subject their careful consideration and that a statement may be expected shortly. The report continues with further particulars of the matter, as received by the latest mails and cables, and will be amplified in later issues. It is understood that the authorities are giving the subject their careful consideration and that a statement may be expected shortly. The report continues with further particulars of the matter, as received by the latest mails and cables, and will be amplified in later issues. It is understood that the authorities are giving the subject their careful consideration and that a statement may be expected shortly. The report continues with further particulars of the matter, as received by the latest mails and cables, and will be amplified in later issues. It is understood that the authorities are giving the subject their careful consideration and that a statement may be expected shortly. The report continues with further particulars of the matter, as received by the latest mails and cables, and will be amplified in later issues. It is understood that the authorities are giving the subject their careful consideration and that a statement may be expected shortly. The report continues with further particulars of the matter, as received by the latest mails and cables, and will be amplified in later issues. It is understood that the authorities are giving the subject their careful consideration and that a statement may be expected shortly. The report continues with further particulars of the matter, as received by the latest mails and cables, and will be amplified in later issues. It is understood that the authorities are giving the subject their careful consideration and that a statement may be expected shortly. The report continues with further particulars of the matter, as received by the latest mails and cables, and will be amplified in later issues. It is understood that the authorities are giving the subject their careful consideration and that a statement may be expected shortly. The report continues with further particulars of the matter, as received by the latest mails and cables, and will be amplified in later issues. It is understood that the authorities are giving the subject their careful consideration and that a statement may be expected shortly. The report continues with further particulars of the matter, as received by the latest mails and cables, and will be amplified in later issues. It is understood that the authorities are giving the subject their careful consideration and that a statement may be expected shortly. The report continues with further particulars of the matter, as received by the latest mails and cables, and will be amplified in later issues. It is understood that the authorities are giving the subject their careful consideration and that a statement may be expected shortly. The report continues with further particulars of the matter, as received by the latest mails and cables, and will be amplified in later issues. It is understood that the authorities are giving the subject their careful consideration and that a statement may be expected shortly. The report continues with further particulars of the matter, as received by the latest mails and cables, and will be amplified in later issues. It is understood that the authorities are giving the subject their careful consideration and that a statement may be expected shortly. The report continues with further particulars of the matter, as received by the latest mails and cables, and will be amplified in later issues. It is understood that the authorities are giving the subject their careful consideration and that a statement may be expected shortly. The report continues with further particulars of the matter, as received by the latest mails and cables, and will be amplified in later issues. It is understood that the authorities are giving the subject their careful consideration and that a statement may be expected shortly. The report continues with further particulars of the matter, as received by the latest mails and cables, and will be amplified in later issues. It is understood that the authorities are giving the subject their careful consideration and that a statement may be expected shortly. The report continues with further particulars of the matter, as received by the latest mails and cables, and will be amplified in later issues. It is understood that the authorities are giving the subject their careful consideration and that a statement may be expected shortly. The report continues with further particulars of the matter, as received by the latest mails and cables, and will be amplified in later issues. It is understood that the authorities are giving the subject their careful consideration and that a statement may be expected shortly. The report continues with further particulars of the matter, as received by the latest mails and cables, and will be amplified in later issues. It is understood that the authorities are giving the subject their careful consideration and that a statement may be expected shortly. The report continues with further particulars of the matter, as received by the latest mails and cables, and will be amplified in later issues. It is understood that the authorities are giving the subject their careful consideration and that a statement may be expected shortly. The report continues with further particulars of the matter, as received by the latest mails and cables, and will be amplified in later issues. It is understood that the authorities are giving the subject their careful consideration and that a statement may be expected shortly. The report continues with further particulars of the matter, as received by the latest mails and cables, and will be amplified in later issues. It is understood that the authorities are giving the subject their careful consideration and that a statement may be expected shortly. The report continues with further particulars of the matter, as received by the latest mails and cables, and will be amplified in later issues. It is understood that the authorities are giving the subject their careful consideration and that a statement may be expected shortly. The report continues with further particulars of the matter, as received by the latest mails and cables, and will be amplified in later issues. It is understood that the authorities are giving the subject their careful consideration and that a statement may be expected shortly. The report continues with further particulars of the matter, as received by the latest mails and cables, and will be amplified in later issues. It is understood that the authorities are giving the subject their careful consideration and that a statement may be expected shortly. The report continues with further particulars of the matter, as received by the latest mails and cables, and will be amplified in later issues. It is understood that the authorities are giving the subject their careful consideration and that a statement may be expected shortly. The report continues with further particulars of the matter, as received by the latest mails and cables, and will be amplified in later issues. It is understood that the authorities are giving the subject their careful consideration and that a statement may be expected shortly. The report continues with further particulars of the matter, as received by the latest mails and cables, and will be amplified in later issues. It is understood that the authorities are giving the subject their careful consideration and that a statement may be expected shortly. The report continues with further particulars of the matter, as received by the latest mails and cables, and will be amplified in later issues. It is understood that the authorities are giving the subject their careful consideration and that a statement may be expected shortly.
LIQUOR AT THE CAMP
A WET CANTEEN?
MODERATE LEAGUE PROPOSAL
MINISTER HAS AN OPEN MIND

The desirability of establishing a wet canteen at Trentham Camp was urged by a deputation from the Moderate League, which waited upon the Hon. J. Allen, Minister of Defence, yesterday afternoon.

ONE CAUSE OF EXCESS

"The reason which prompts us to look with favour on the establishment of the canteen question may be very briefly put."

SHOULD NOT BE TREATED AS CHILDREN

"Finally we venture to suggest that no unnecessary hardships or disabilities should be placed upon the men who are prepared to lose all necessary hardships for their country."

MINISTER IN REPLY
MEN AS THEY ARE

The Hon. J. Allen, replying, said he was very glad indeed to hear that the deputation had to say about the very difficult problem.

The report continues with further particulars of the matter, as received by the latest mails and cables, and will be amplified in later issues. It is understood that the authorities are giving the subject their careful consideration and that a statement may be expected shortly. The report continues with further particulars of the matter, as received by the latest mails and cables, and will be amplified in later issues. It is understood that the authorities are giving the subject their careful consideration and that a statement may be expected shortly. The report continues with further particulars of the matter, as received by the latest mails and cables, and will be amplified in later issues. It is understood that the authorities are giving the subject their careful consideration and that a statement may be expected shortly. The report continues with further particulars of the matter, as received by the latest mails and cables, and will be amplified in later issues. It is understood that the authorities are giving the subject their careful consideration and that a statement may be expected shortly. The report continues with further particulars of the matter, as received by the latest mails and cables, and will be amplified in later issues. It is understood that the authorities are giving the subject their careful consideration and that a statement may be expected shortly. The report continues with further particulars of the matter, as received by the latest mails and cables, and will be amplified in later issues. It is understood that the authorities are giving the subject their careful consideration and that a statement may be expected shortly. The report continues with further particulars of the matter, as received by the latest mails and cables, and will be amplified in later issues. It is understood that the authorities are giving the subject their careful consideration and that a statement may be expected shortly. The report continues with further particulars of the matter, as received by the latest mails and cables, and will be amplified in later issues. It is understood that the authorities are giving the subject their careful consideration and that a statement may be expected shortly. The report continues with further particulars of the matter, as received by the latest mails and cables, and will be amplified in later issues. It is understood that the authorities are giving the subject their careful consideration and that a statement may be expected shortly. The report continues with further particulars of the matter, as received by the latest mails and cables, and will be amplified in later issues. It is understood that the authorities are giving the subject their careful consideration and that a statement may be expected shortly. The report continues with further particulars of the matter, as received by the latest mails and cables, and will be amplified in later issues. It is understood that the authorities are giving the subject their careful consideration and that a statement may be expected shortly. The report continues with further particulars of the matter, as received by the latest mails and cables, and will be amplified in later issues. It is understood that the authorities are giving the subject their careful consideration and that a statement may be expected shortly. The report continues with further particulars of the matter, as received by the latest mails and cables, and will be amplified in later issues. It is understood that the authorities are giving the subject their careful consideration and that a statement may be expected shortly. The report continues with further particulars of the matter, as received by the latest mails and cables, and will be amplified in later issues. It is understood that the authorities are giving the subject their careful consideration and that a statement may be expected shortly. The report continues with further particulars of the matter, as received by the latest mails and cables, and will be amplified in later issues. It is understood that the authorities are giving the subject their careful consideration and that a statement may be expected shortly. The report continues with further particulars of the matter, as received by the latest mails and cables, and will be amplified in later issues. It is understood that the authorities are giving the subject their careful consideration and that a statement may be expected shortly. The report continues with further particulars of the matter, as received by the latest mails and cables, and will be amplified in later issues. It is understood that the authorities are giving the subject their careful consideration and that a statement may be expected shortly. The report continues with further particulars of the matter, as received by the latest mails and cables, and will be amplified in later issues. It is understood that the authorities are giving the subject their careful consideration and that a statement may be expected shortly. The report continues with further particulars of the matter, as received by the latest mails and cables, and will be amplified in later issues. It is understood that the authorities are giving the subject their careful consideration and that a statement may be expected shortly. The report continues with further particulars of the matter, as received by the latest mails and cables, and will be amplified in later issues. It is understood that the authorities are giving the subject their careful consideration and that a statement may be expected shortly. The report continues with further particulars of the matter, as received by the latest mails and cables, and will be amplified in later issues. It is understood that the authorities are giving the subject their careful consideration and that a statement may be expected shortly. The report continues with further particulars of the matter, as received by the latest mails and cables, and will be amplified in later issues. It is understood that the authorities are giving the subject their careful consideration and that a statement may be expected shortly. The report continues with further particulars of the matter, as received by the latest mails and cables, and will be amplified in later issues. It is understood that the authorities are giving the subject their careful consideration and that a statement may be expected shortly. The report continues with further particulars of the matter, as received by the latest mails and cables, and will be amplified in later issues. It is understood that the authorities are giving the subject their careful consideration and that a statement may be expected shortly. The report continues with further particulars of the matter, as received by the latest mails and cables, and will be amplified in later issues. It is understood that the authorities are giving the subject their careful consideration and that a statement may be expected shortly. The report continues with further particulars of the matter, as received by the latest mails and cables, and will be amplified in later issues. It is understood that the authorities are giving the subject their careful consideration and that a statement may be expected shortly. The report continues with further particulars of the matter, as received by the latest mails and cables, and will be amplified in later issues. It is understood that the authorities are giving the subject their careful consideration and that a statement may be expected shortly. The report continues with further particulars of the matter, as received by the latest mails and cables, and will be amplified in later issues. It is understood that the authorities are giving the subject their careful consideration and that a statement may be expected shortly. The report continues with further particulars of the matter, as received by the latest mails and cables, and will be amplified in later issues. It is understood that the authorities are giving the subject their careful consideration and that a statement may be expected shortly. The report continues with further particulars of the matter, as received by the latest mails and cables, and will be amplified in later issues. It is understood that the authorities are giving the subject their careful consideration and that a statement may be expected shortly. The report continues with further particulars of the matter, as received by the latest mails and cables, and will be amplified in later issues. It is understood that the authorities are giving the subject their careful consideration and that a statement may be expected shortly. The report continues with further particulars of the matter, as received by the latest mails and cables, and will be amplified in later issues. It is understood that the authorities are giving the subject their careful consideration and that a statement may be expected shortly. The report continues with further particulars of the matter, as received by the latest mails and cables, and will be amplified in later issues. It is understood that the authorities are giving the subject their careful consideration and that a statement may be expected shortly. The report continues with further particulars of the matter, as received by the latest mails and cables, and will be amplified in later issues. It is understood that the authorities are giving the subject their careful consideration and that a statement may be expected shortly. The report continues with further particulars of the matter, as received by the latest mails and cables, and will be amplified in later issues. It is understood that the authorities are giving the subject their careful consideration and that a statement may be expected shortly. The report continues with further particulars of the matter, as received by the latest mails and cables, and will be amplified in later issues. It is understood that the authorities are giving the subject their careful consideration and that a statement may be expected shortly. The report continues with further particulars of the matter, as received by the latest mails and cables, and will be amplified in later issues. It is understood that the authorities are giving the subject their careful consideration and that a statement may be expected shortly. The report continues with further particulars of the matter, as received by the latest mails and cables, and will be amplified in later issues. It is understood that the authorities are giving the subject their careful consideration and that a statement may be expected shortly. The report continues with further particulars of the matter, as received by the latest mails and cables, and will be amplified in later issues. It is understood that the authorities are giving the subject their careful consideration and that a statement may be expected shortly. The report continues with further particulars of the matter, as received by the latest mails and cables, and will be amplified in later issues. It is understood that the authorities are giving the subject their careful consideration and that a statement may be expected shortly.
CLOSER HOTELS TO SOLDIERS?

"That is one difficulty—that the legislation prevents me from establishing a canteen. But I have had under very serious consideration the question of getting round the legislation, if it is possible to do it."

THE CANTEEN IN EGYPT

"I have not been able to establish a wet canteen in Egypt. Nobody has done so, though it has been frequently suggested."

FIGHTING MANNIKINS

Mr. Monteath replied to Mr. Allen's inquiry about closing the hotels to soldiers if a wet canteen were set up in camp.

PRESBYTERY VIEWS

At a meeting of the Wellington Presbytery yesterday afternoon the question of the establishment of a wet canteen at the Trentham Camp was discussed at considerable length.

THE WATCHWORD OF REXONA

The watchword of Rexona is "Rapid Healing." It is not denied that other ointments have healing properties, but none get to the root of the trouble so quickly.

The report continues with further particulars of the matter, as received by the latest mails and cables, and will be amplified in later issues. It is understood that the authorities are giving the subject their careful consideration and that a statement may be expected shortly. The report continues with further particulars of the matter, as received by the latest mails and cables, and will be amplified in later issues. It is understood that the authorities are giving the subject their careful consideration and that a statement may be expected shortly. The report continues with further particulars of the matter, as received by the latest mails and cables, and will be amplified in later issues. It is understood that the authorities are giving the subject their careful consideration and that a statement may be expected shortly. The report continues with further particulars of the matter, as received by the latest mails and cables, and will be amplified in later issues. It is understood that the authorities are giving the subject their careful consideration and that a statement may be expected shortly. The report continues with further particulars of the matter, as received by the latest mails and cables, and will be amplified in later issues. It is understood that the authorities are giving the subject their careful consideration and that a statement may be expected shortly. The report continues with further particulars of the matter, as received by the latest mails and cables, and will be amplified in later issues. It is understood that the authorities are giving the subject their careful consideration and that a statement may be expected shortly. The report continues with further particulars of the matter, as received by the latest mails and cables, and will be amplified in later issues. It is understood that the authorities are giving the subject their careful consideration and that a statement may be expected shortly. The report continues with further particulars of the matter, as received by the latest mails and cables, and will be amplified in later issues. It is understood that the authorities are giving the subject their careful consideration and that a statement may be expected shortly. The report continues with further particulars of the matter, as received by the latest mails and cables, and will be amplified in later issues. It is understood that the authorities are giving the subject their careful consideration and that a statement may be expected shortly. The report continues with further particulars of the matter, as received by the latest mails and cables, and will be amplified in later issues. It is understood that the authorities are giving the subject their careful consideration and that a statement may be expected shortly. The report continues with further particulars of the matter, as received by the latest mails and cables, and will be amplified in later issues. It is understood that the authorities are giving the subject their careful consideration and that a statement may be expected shortly. The report continues with further particulars of the matter, as received by the latest mails and cables, and will be amplified in later issues. It is understood that the authorities are giving the subject their careful consideration and that a statement may be expected shortly. The report continues with further particulars of the matter, as received by the latest mails and cables, and will be amplified in later issues. It is understood that the authorities are giving the subject their careful consideration and that a statement may be expected shortly. The report continues with further particulars of the matter, as received by the latest mails and cables, and will be amplified in later issues. It is understood that the authorities are giving the subject their careful consideration and that a statement may be expected shortly. The report continues with further particulars of the matter, as received by the latest mails and cables, and will be amplified in later issues. It is understood that the authorities are giving the subject their careful consideration and that a statement may be expected shortly. The report continues with further particulars of the matter, as received by the latest mails and cables, and will be amplified in later issues. It is understood that the authorities are giving the subject their careful consideration and that a statement may be expected shortly. The report continues with further particulars of the matter, as received by the latest mails and cables, and will be amplified in later issues. It is understood that the authorities are giving the subject their careful consideration and that a statement may be expected shortly. The report continues with further particulars of the matter, as received by the latest mails and cables, and will be amplified in later issues. It is understood that the authorities are giving the subject their careful consideration and that a statement may be expected shortly. The report continues with further particulars of the matter, as received by the latest mails and cables, and will be amplified in later issues. It is understood that the authorities are giving the subject their careful consideration and that a statement may be expected shortly. The report continues with further particulars of the matter, as received by the latest mails and cables, and will be amplified in later issues. It is understood that the authorities are giving the subject their careful consideration and that a statement may be expected shortly. The report continues with further particulars of the matter, as received by the latest mails and cables, and will be amplified in later issues. It is understood that the authorities are giving the subject their careful consideration and that a statement may be expected shortly. The report continues with further particulars of the matter, as received by the latest mails and cables, and will be amplified in later issues. It is understood that the authorities are giving the subject their careful consideration and that a statement may be expected shortly. The report continues with further particulars of the matter, as received by the latest mails and cables, and will be amplified in later issues. It is understood that the authorities are giving the subject their careful consideration and that a statement may be expected shortly. The report continues with further particulars of the matter, as received by the latest mails and cables, and will be amplified in later issues. It is understood that the authorities are giving the subject their careful consideration and that a statement may be expected shortly. The report continues with further particulars of the matter, as received by the latest mails and cables, and will be amplified in later issues. It is understood that the authorities are giving the subject their careful consideration and that a statement may be expected shortly. The report continues with further particulars of the matter, as received by the latest mails and cables, and will be amplified in later issues. It is understood that the authorities are giving the subject their careful consideration and that a statement may be expected shortly. The report continues with further particulars of the matter, as received by the latest mails and cables, and will be amplified in later issues. It is understood that the authorities are giving the subject their careful consideration and that a statement may be expected shortly. The report continues with further particulars of the matter, as received by the latest mails and cables, and will be amplified in later issues. It is understood that the authorities are giving the subject their careful consideration and that a statement may be expected shortly. The report continues with further particulars of the matter, as received by the latest mails and cables, and will be amplified in later issues. It is understood that the authorities are giving the subject their careful consideration and that a statement may be expected shortly. The report continues with further particulars of the matter, as received by the latest mails and cables, and will be amplified in later issues. It is understood that the authorities are giving the subject their careful consideration and that a statement may be expected shortly. The report continues with further particulars of the matter, as received by the latest mails and cables, and will be amplified in later issues. It is understood that the authorities are giving the subject their careful consideration and that a statement may be expected shortly. The report continues with further particulars of the matter, as received by the latest mails and cables, and will be amplified in later issues. It is understood that the authorities are giving the subject their careful consideration and that a statement may be expected shortly. The report continues with further particulars of the matter, as received by the latest mails and cables, and will be amplified in later issues. It is understood that the authorities are giving the subject their careful consideration and that a statement may be expected shortly. The report continues with further particulars of the matter, as received by the latest mails and cables, and will be amplified in later issues. It is understood that the authorities are giving the subject their careful consideration and that a statement may be expected shortly. The report continues with further particulars of the matter, as received by the latest mails and cables, and will be amplified in later issues. It is understood that the authorities are giving the subject their careful consideration and that a statement may be expected shortly. The report continues with further particulars of the matter, as received by the latest mails and cables, and will be amplified in later issues. It is understood that the authorities are giving the subject their careful consideration and that a statement may be expected shortly. The report continues with further particulars of the matter, as received by the latest mails and cables, and will be amplified in later issues. It is understood that the authorities are giving the subject their careful consideration and that a statement may be expected shortly. The report continues with further particulars of the matter, as received by the latest mails and cables, and will be amplified in later issues. It is understood that the authorities are giving the subject their careful consideration and that a statement may be expected shortly. The report continues with further particulars of the matter, as received by the latest mails and cables, and will be amplified in later issues. It is understood that the authorities are giving the subject their careful consideration and that a statement may be expected shortly. The report continues with further particulars of the matter, as received by the latest mails and cables, and will be amplified in later issues. It is understood that the authorities are giving the subject their careful consideration and that a statement may be expected shortly.
"GRAFT" ALLEGATIONS
AUSTRALIAN WHEAT ACT
EVIDENCE AT THE INQUIRY

(By Telegraph—Press Association—Copyright) (Rec. March 9, 8.45 p.m.) Sydney, March 9. Before the Royal Commission on the Wheat Acquisition Act, a witness stated that instances were correct that money had been raised in connection with the passage of the Wheat Acquisition Bill.

TRAGEDY IN PAPUA
WHITE SETTLER MURDERED BY NATIVES

Sydney, March 9. Natives murdered Harry Hulbe, a white settler, near Port Moresby, in Papua.

CABLE NEWS IN BRIEF
NEW SOUTH WALES CABINET

Sydney, March 9. Mr. Carmichael has definitely declined to reinstate himself for nomination.

BUSH FIRES IN NEW SOUTH WALES

Sydney, March 9. Yesterday's bush fires affected an area of 800 square miles.

COMMONWEALTH BANK PROFITS

Melbourne, March 9. The Commonwealth Bank shows a profit for the half-year ending December of £18,428.

AFTERNOON SHIFT IN NEW SOUTH WALES MINES

Sydney, March 9. A conference of colliery proprietors and officials of the Employees' Federation are discussing the afternoon shift question.

CHINA AND JAPAN

London, March 8. It is reported that China has agreed to a nineteen years' extension of the South Manchurian railway agreement.

NEW GOLDFIELD OF SURPASSING RICHNESS

(Rec. March 9, 5.30 p.m.) London, March 9. Mr. Raymond Schumacher, of Johannesburg, declares that the veldt in the vicinity of New Modderfontein is the most wonderful goldmining district in the world.

CYCLING CHAMPIONSHIP

(Rec. March 10, 1.40 a.m.) Sydney, March 9. The following are the results of the cycling championships.

JAPANESE WOOL ORDERS IN SYDNEY

(Rec. March 9, 7 p.m.) Sydney, March 9. Japan has placed orders in Sydney for £3,000,000 worth of woollens.

MAORI ELECTION PETITION
PETITIONERS TO PAY COSTS

(By Telegraph—Press Association.) Auckland, March 9. Justices Hosking and Stringer, who heard the election petition of the Tamati Hura, decided that the petitioners should pay costs.

MOTOR LORRIES AND PARCEL CARS

For immediate delivery, 1, 2, and 3-ton "British" Motor Wagons, also famous "Wall" Parcel Cars. J. E. FITZGERALD, Motor Importer, Wellington.

The report continues with further particulars of the matter, as received by the latest mails and cables, and will be amplified in later issues. It is understood that the authorities are giving the subject their careful consideration and that a statement may be expected shortly. The report continues with further particulars of the matter, as received by the latest mails and cables, and will be amplified in later issues. It is understood that the authorities are giving the subject their careful consideration and that a statement may be expected shortly. The report continues with further particulars of the matter, as received by the latest mails and cables, and will be amplified in later issues. It is understood that the authorities are giving the subject their careful consideration and that a statement may be expected shortly. The report continues with further particulars of the matter, as received by the latest mails and cables, and will be amplified in later issues. It is understood that the authorities are giving the subject their careful consideration and that a statement may be expected shortly. The report continues with further particulars of the matter, as received by the latest mails and cables, and will be amplified in later issues. It is understood that the authorities are giving the subject their careful consideration and that a statement may be expected shortly. The report continues with further particulars of the matter, as received by the latest mails and cables, and will be amplified in later issues. It is understood that the authorities are giving the subject their careful consideration and that a statement may be expected shortly. The report continues with further particulars of the matter, as received by the latest mails and cables, and will be amplified in later issues. It is understood that the authorities are giving the subject their careful consideration and that a statement may be expected shortly. The report continues with further particulars of the matter, as received by the latest mails and cables, and will be amplified in later issues. It is understood that the authorities are giving the subject their careful consideration and that a statement may be expected shortly. The report continues with further particulars of the matter, as received by the latest mails and cables, and will be amplified in later issues. It is understood that the authorities are giving the subject their careful consideration and that a statement may be expected shortly. The report continues with further particulars of the matter, as received by the latest mails and cables, and will be amplified in later issues. It is understood that the authorities are giving the subject their careful consideration and that a statement may be expected shortly. The report continues with further particulars of the matter, as received by the latest mails and cables, and will be amplified in later issues. It is understood that the authorities are giving the subject their careful consideration and that a statement may be expected shortly. The report continues with further particulars of the matter, as received by the latest mails and cables, and will be amplified in later issues. It is understood that the authorities are giving the subject their careful consideration and that a statement may be expected shortly. The report continues with further particulars of the matter, as received by the latest mails and cables, and will be amplified in later issues. It is understood that the authorities are giving the subject their careful consideration and that a statement may be expected shortly. The report continues with further particulars of the matter, as received by the latest mails and cables, and will be amplified in later issues. It is understood that the authorities are giving the subject their careful consideration and that a statement may be expected shortly. The report continues with further particulars of the matter, as received by the latest mails and cables, and will be amplified in later issues. It is understood that the authorities are giving the subject their careful consideration and that a statement may be expected shortly. The report continues with further particulars of the matter, as received by the latest mails and cables, and will be amplified in later issues. It is understood that the authorities are giving the subject their careful consideration and that a statement may be expected shortly. The report continues with further particulars of the matter, as received by the latest mails and cables, and will be amplified in later issues. It is understood that the authorities are giving the subject their careful consideration and that a statement may be expected shortly. The report continues with further particulars of the matter, as received by the latest mails and cables, and will be amplified in later issues. It is understood that the authorities are giving the subject their careful consideration and that a statement may be expected shortly. The report continues with further particulars of the matter, as received by the latest mails and cables, and will be amplified in later issues. It is understood that the authorities are giving the subject their careful consideration and that a statement may be expected shortly. The report continues with further particulars of the matter, as received by the latest mails and cables, and will be amplified in later issues. It is understood that the authorities are giving the subject their careful consideration and that a statement may be expected shortly. The report continues with further particulars of the matter, as received by the latest mails and cables, and will be amplified in later issues. It is understood that the authorities are giving the subject their careful consideration and that a statement may be expected shortly. The report continues with further particulars of the matter, as received by the latest mails and cables, and will be amplified in later issues. It is understood that the authorities are giving the subject their careful consideration and that a statement may be expected shortly. The report continues with further particulars of the matter, as received by the latest mails and cables, and will be amplified in later issues. It is understood that the authorities are giving the subject their careful consideration and that a statement may be expected shortly. The report continues with further particulars of the matter, as received by the latest mails and cables, and will be amplified in later issues. It is understood that the authorities are giving the subject their careful consideration and that a statement may be expected shortly. The report continues with further particulars of the matter, as received by the latest mails and cables, and will be amplified in later issues. It is understood that the authorities are giving the subject their careful consideration and that a statement may be expected shortly. The report continues with further particulars of the matter, as received by the latest mails and cables, and will be amplified in later issues. It is understood that the authorities are giving the subject their careful consideration and that a statement may be expected shortly. The report continues with further particulars of the matter, as received by the latest mails and cables, and will be amplified in later issues. It is understood that the authorities are giving the subject their careful consideration and that a statement may be expected shortly. The report continues with further particulars of the matter, as received by the latest mails and cables, and will be amplified in later issues. It is understood that the authorities are giving the subject their careful consideration and that a statement may be expected shortly. The report continues with further particulars of the matter, as received by the latest mails and cables, and will be amplified in later issues. It is understood that the authorities are giving the subject their careful consideration and that a statement may be expected shortly. The report continues with further particulars of the matter, as received by the latest mails and cables, and will be amplified in later issues. It is understood that the authorities are giving the subject their careful consideration and that a statement may be expected shortly. The report continues with further particulars of the matter, as received by the latest mails and cables, and will be amplified in later issues. It is understood that the authorities are giving the subject their careful consideration and that a statement may be expected shortly. The report continues with further particulars of the matter, as received by the latest mails and cables, and will be amplified in later issues. It is understood that the authorities are giving the subject their careful consideration and that a statement may be expected shortly. The report continues with further particulars of the matter, as received by the latest mails and cables, and will be amplified in later issues. It is understood that the authorities are giving the subject their careful consideration and that a statement may be expected shortly. The report continues with further particulars of the matter, as received by the latest mails and cables, and will be amplified in later issues. It is understood that the authorities are giving the subject their careful consideration and that a statement may be expected shortly. The report continues with further particulars of the matter, as received by the latest mails and cables, and will be amplified in later issues. It is understood that the authorities are giving the subject their careful consideration and that a statement may be expected shortly. The report continues with further particulars of the matter, as received by the latest mails and cables, and will be amplified in later issues. It is understood that the authorities are giving the subject their careful consideration and that a statement may be expected shortly. The report continues with further particulars of the matter, as received by the latest mails and cables, and will be amplified in later issues. It is understood that the authorities are giving the subject their careful consideration and that a statement may be expected shortly. The report continues with further particulars of the matter, as received by the latest mails and cables, and will be amplified in later issues. It is understood that the authorities are giving the subject their careful consideration and that a statement may be expected shortly. The report continues with further particulars of the matter, as received by the latest mails and cables, and will be amplified in later issues. It is understood that the authorities are giving the subject their careful consideration and that a statement may be expected shortly. The report continues with further particulars of the matter, as received by the latest mails and cables, and will be amplified in later issues. It is understood that the authorities are giving the subject their careful consideration and that a statement may be expected shortly.
